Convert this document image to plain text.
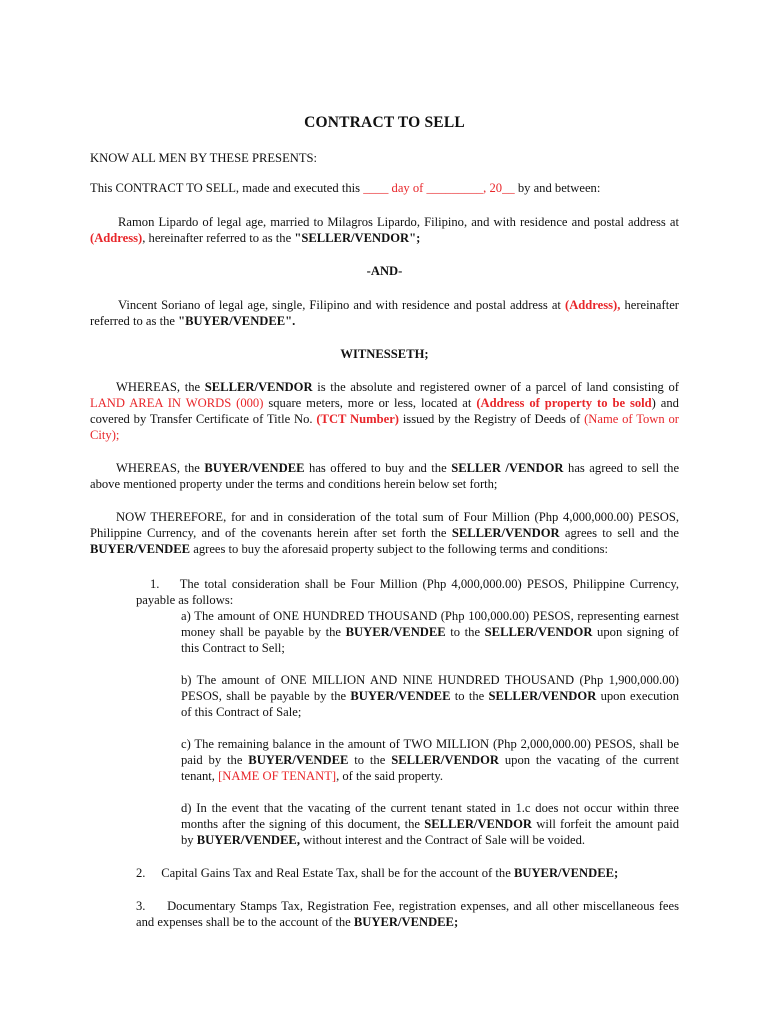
CONTRACT TO SELL

KNOW ALL MEN BY THESE PRESENTS:

This CONTRACT TO SELL, made and executed this ____ day of _________, 20__ by and between:

Ramon Lipardo of legal age, married to Milagros Lipardo, Filipino, and with residence and postal address at (Address), hereinafter referred to as the "SELLER/VENDOR";

-AND-

Vincent Soriano of legal age, single, Filipino and with residence and postal address at (Address), hereinafter referred to as the "BUYER/VENDEE".

WITNESSETH;

WHEREAS, the SELLER/VENDOR is the absolute and registered owner of a parcel of land consisting of LAND AREA IN WORDS (000) square meters, more or less, located at (Address of property to be sold) and covered by Transfer Certificate of Title No. (TCT Number) issued by the Registry of Deeds of (Name of Town or City);

WHEREAS, the BUYER/VENDEE has offered to buy and the SELLER /VENDOR has agreed to sell the above mentioned property under the terms and conditions herein below set forth;

NOW THEREFORE, for and in consideration of the total sum of Four Million (Php 4,000,000.00) PESOS, Philippine Currency, and of the covenants herein after set forth the SELLER/VENDOR agrees to sell and the BUYER/VENDEE agrees to buy the aforesaid property subject to the following terms and conditions:

1. The total consideration shall be Four Million (Php 4,000,000.00) PESOS, Philippine Currency, payable as follows:

a) The amount of ONE HUNDRED THOUSAND (Php 100,000.00) PESOS, representing earnest money shall be payable by the BUYER/VENDEE to the SELLER/VENDOR upon signing of this Contract to Sell;

b) The amount of ONE MILLION AND NINE HUNDRED THOUSAND (Php 1,900,000.00) PESOS, shall be payable by the BUYER/VENDEE to the SELLER/VENDOR upon execution of this Contract of Sale;

c) The remaining balance in the amount of TWO MILLION (Php 2,000,000.00) PESOS, shall be paid by the BUYER/VENDEE to the SELLER/VENDOR upon the vacating of the current tenant, [NAME OF TENANT], of the said property.

d) In the event that the vacating of the current tenant stated in 1.c does not occur within three months after the signing of this document, the SELLER/VENDOR will forfeit the amount paid by BUYER/VENDEE, without interest and the Contract of Sale will be voided.

2. Capital Gains Tax and Real Estate Tax, shall be for the account of the BUYER/VENDEE;

3. Documentary Stamps Tax, Registration Fee, registration expenses, and all other miscellaneous fees and expenses shall be to the account of the BUYER/VENDEE;
